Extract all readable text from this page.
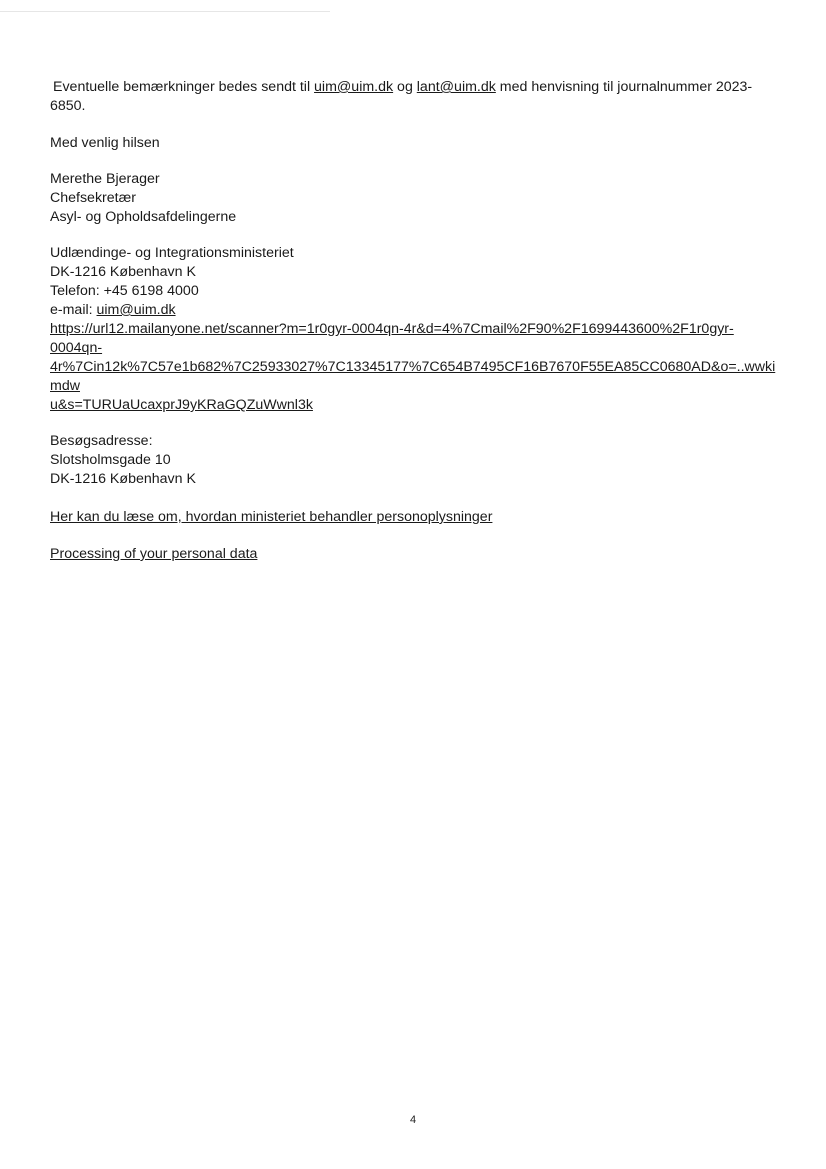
Eventuelle bemærkninger bedes sendt til uim@uim.dk og lant@uim.dk med henvisning til journalnummer 2023-

6850.

Med venlig hilsen

Merethe Bjerager

Chefsekretær

Asyl- og Opholdsafdelingerne

Udlændinge- og Integrationsministeriet

DK-1216 København K

Telefon: +45 6198 4000

e-mail: uim@uim.dk

https://url12.mailanyone.net/scanner?m=1r0gyr-0004qn-4r&d=4%7Cmail%2F90%2F1699443600%2F1r0gyr-
0004qn-
4r%7Cin12k%7C57e1b682%7C25933027%7C13345177%7C654B7495CF16B7670F55EA85CC0680AD&o=..wwkimdw
u&s=TURUaUcaxprJ9yKRaGQZuWwnl3k

Besøgsadresse:

Slotsholmsgade 10

DK-1216 København K

Her kan du læse om, hvordan ministeriet behandler personoplysninger

Processing of your personal data

4
